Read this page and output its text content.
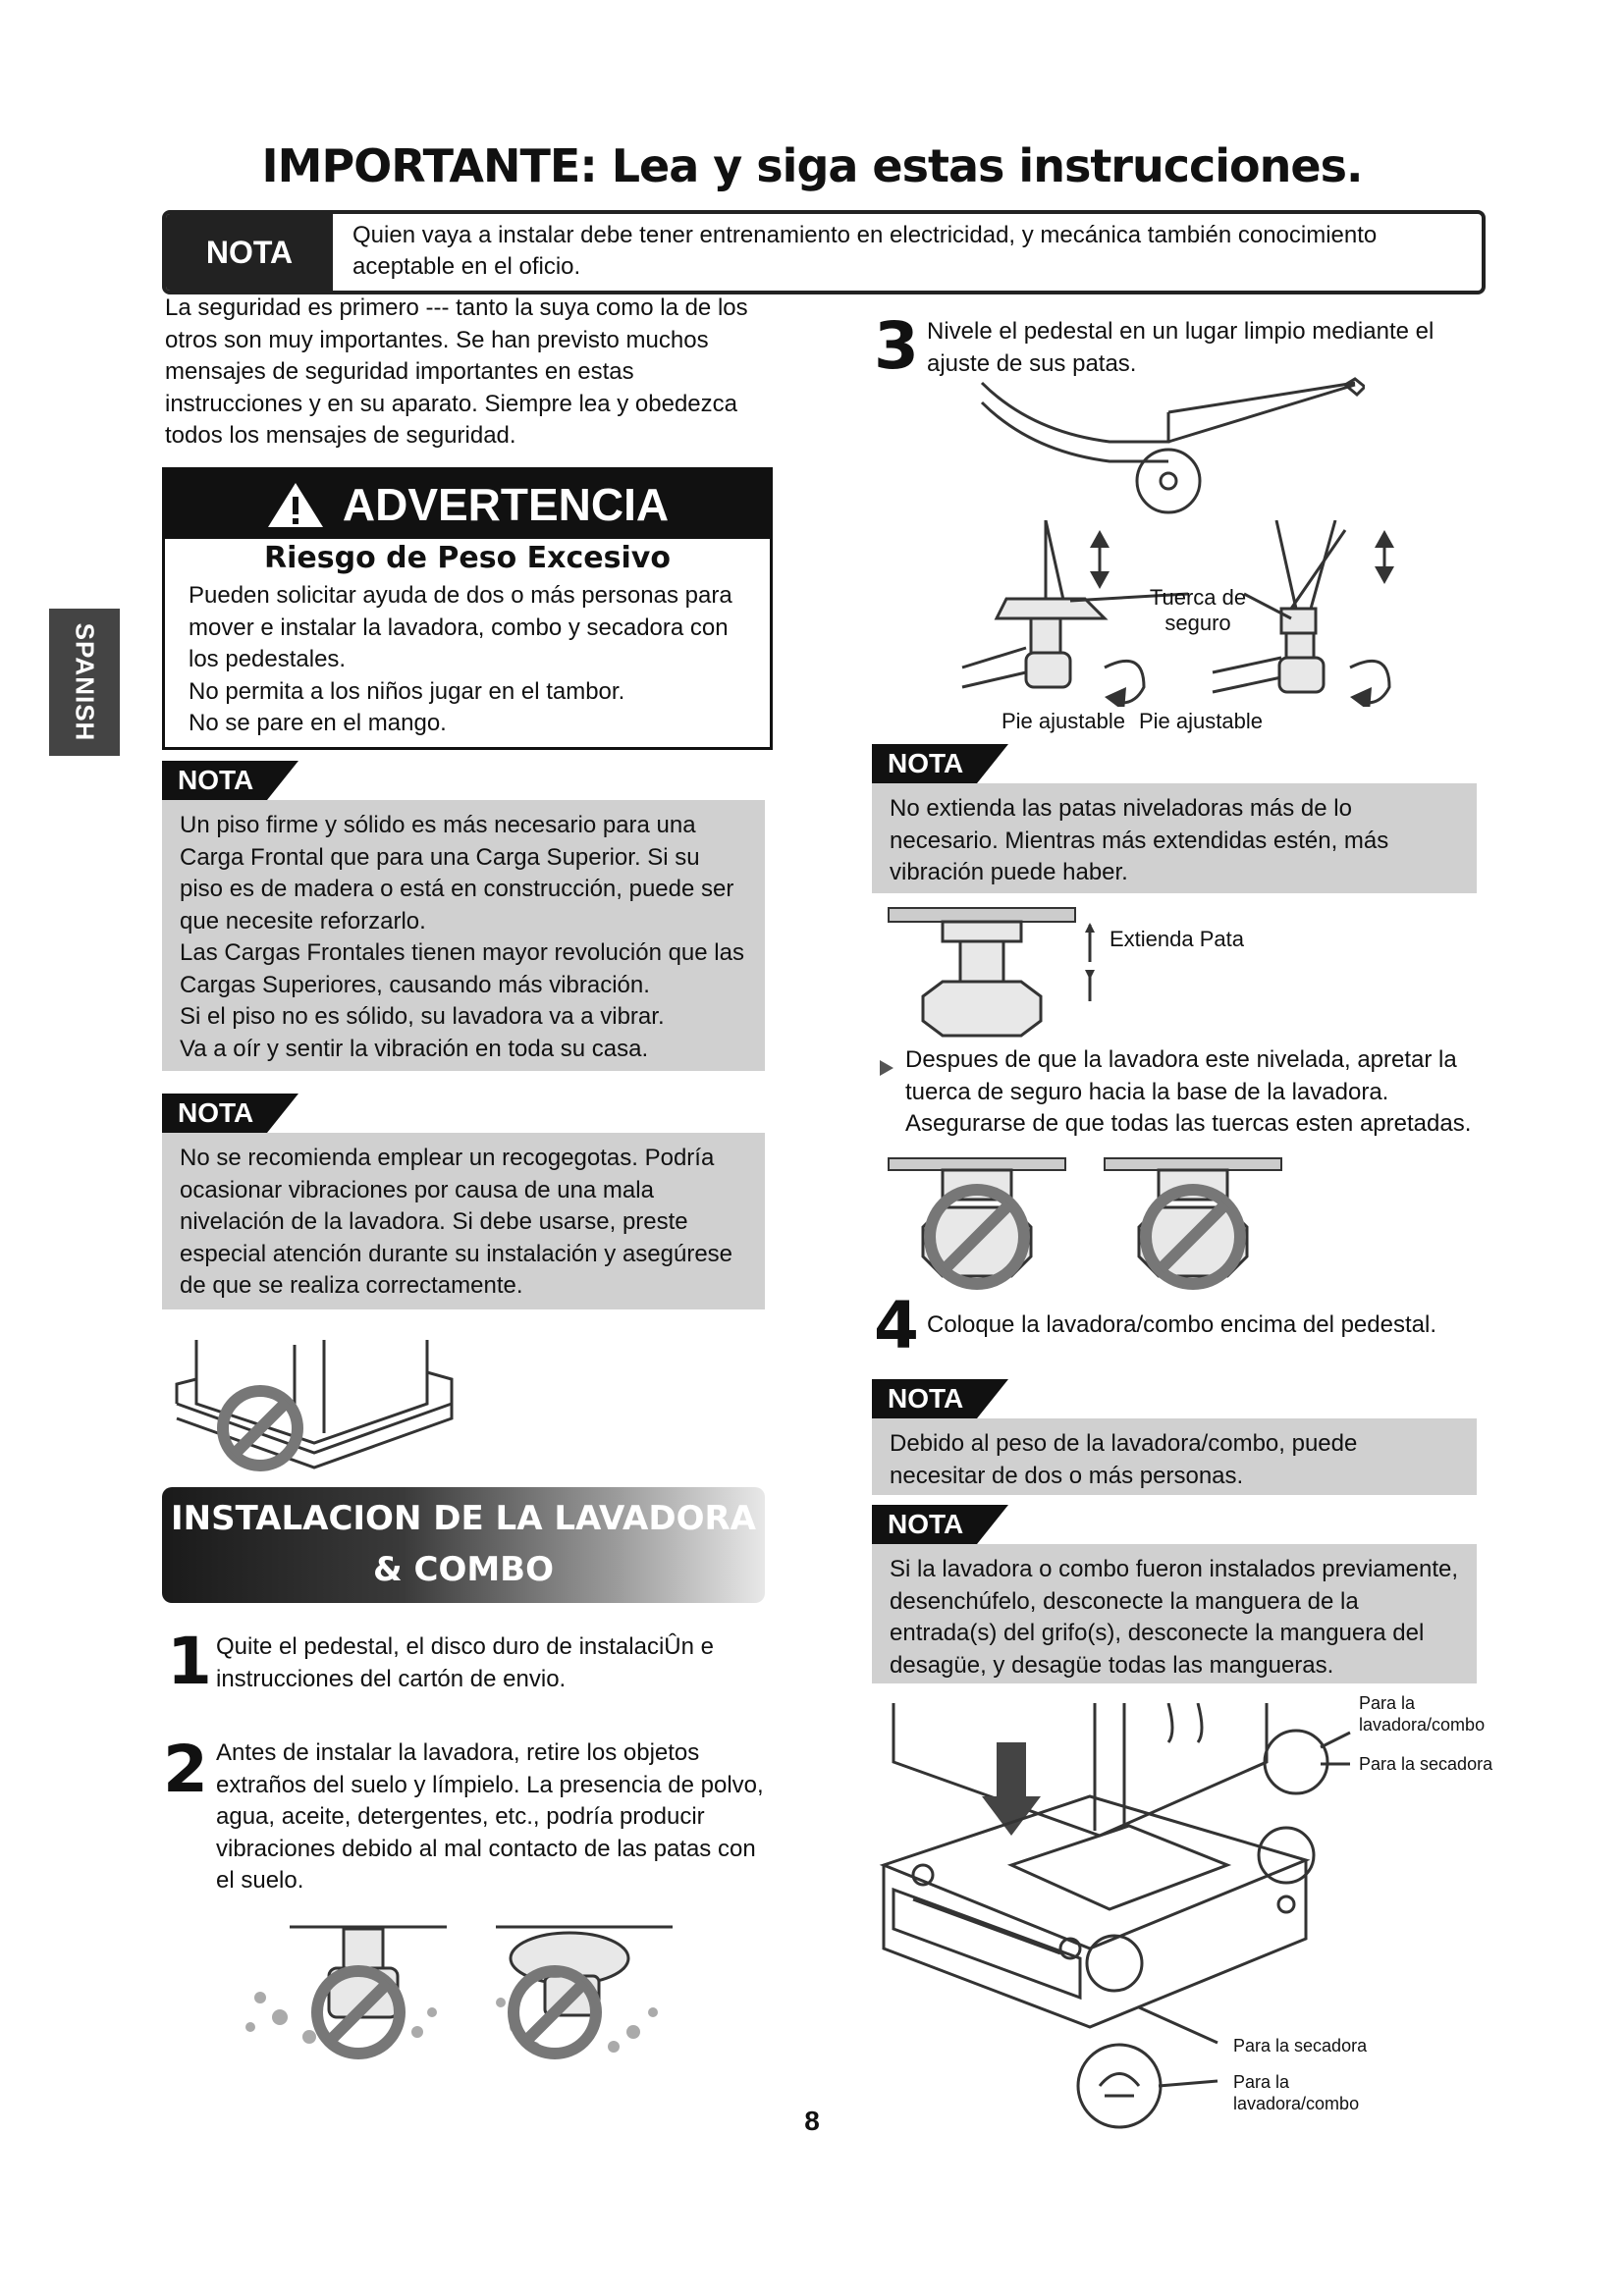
IMPORTANTE: Lea y siga estas instrucciones.
NOTA	Quien vaya a instalar debe tener entrenamiento en electricidad, y mecánica también conocimiento aceptable en el oficio.
SPANISH
La seguridad es primero --- tanto la suya como la de los otros son muy importantes. Se han previsto muchos mensajes de seguridad importantes en estas instrucciones y en su aparato. Siempre lea y obedezca todos los mensajes de seguridad.
ADVERTENCIA
Riesgo de Peso Excesivo
Pueden solicitar ayuda de dos o más personas para mover e instalar la lavadora, combo y secadora con los pedestales.
No permita a los niños jugar en el tambor.
No se pare en el mango.
NOTA
Un piso firme y sólido es más necesario para una Carga Frontal que para una Carga Superior. Si su piso es de madera o está en construcción, puede ser que necesite reforzarlo.
Las Cargas Frontales tienen mayor revolución que las Cargas Superiores, causando más vibración.
Si el piso no es sólido, su lavadora va a vibrar.
Va a oír y sentir la vibración en toda su casa.
NOTA
No se recomienda emplear un recogegotas. Podría ocasionar vibraciones por causa de una mala nivelación de la lavadora. Si debe usarse, preste especial atención durante su instalación y asegúrese de que se realiza correctamente.
INSTALACION DE LA LAVADORA
& COMBO
1 Quite el pedestal, el disco duro de instalaciÛn e instrucciones del cartón de envio.
2 Antes de instalar la lavadora, retire los objetos extraños del suelo y límpielo. La presencia de polvo, agua, aceite, detergentes, etc., podría producir vibraciones debido al mal contacto de las patas con el suelo.
3 Nivele el pedestal en un lugar limpio mediante el ajuste de sus patas.
Tuerca de seguro
Pie ajustable Pie ajustable
NOTA
No extienda las patas niveladoras más de lo necesario. Mientras más extendidas estén, más vibración puede haber.
Extienda Pata
Despues de que la lavadora este nivelada, apretar la tuerca de seguro hacia la base de la lavadora. Asegurarse de que todas las tuercas esten apretadas.
4 Coloque la lavadora/combo encima del pedestal.
NOTA
Debido al peso de la lavadora/combo, puede necesitar de dos o más personas.
NOTA
Si la lavadora o combo fueron instalados previamente, desenchúfelo, desconecte la manguera de la entrada(s) del grifo(s), desconecte la manguera del desagüe, y desagüe todas las mangueras.
Para la lavadora/combo
Para la secadora
Para la secadora
Para la lavadora/combo
8
